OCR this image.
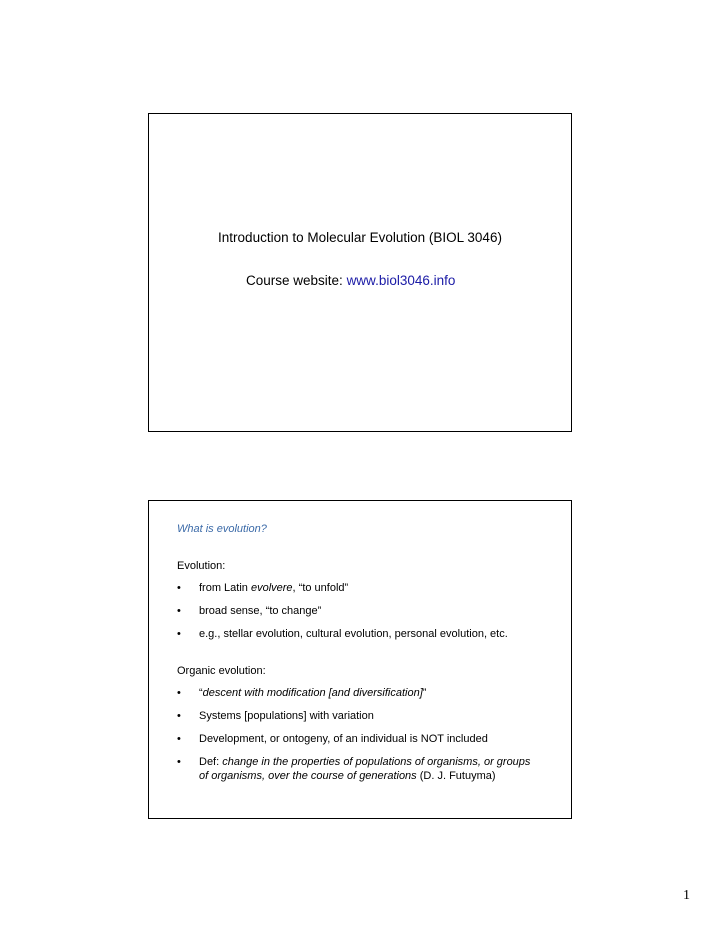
Introduction to Molecular Evolution (BIOL 3046)
Course website: www.biol3046.info
What is evolution?
Evolution:
• from Latin evolvere, “to unfold”
• broad sense, “to change”
• e.g., stellar evolution, cultural evolution, personal evolution, etc.
Organic evolution:
• “descent with modification [and diversification]”
• Systems [populations] with variation
• Development, or ontogeny, of an individual is NOT included
• Def: change in the properties of populations of organisms, or groups of organisms, over the course of generations (D. J. Futuyma)
1
